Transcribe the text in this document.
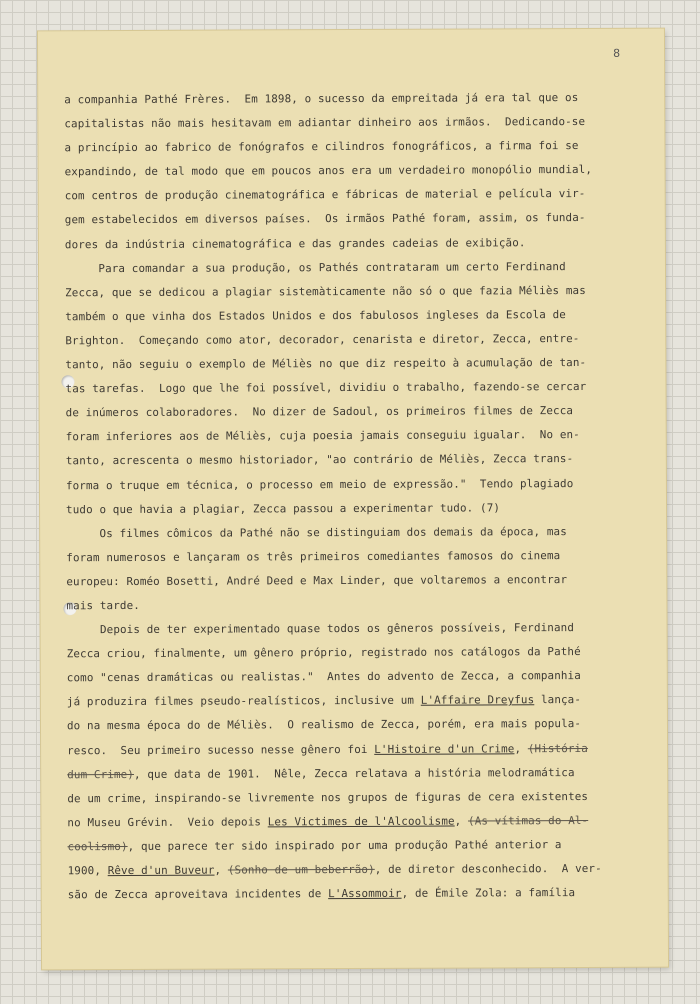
8
a companhia Pathé Frères.  Em 1898, o sucesso da empreitada já era tal que os
capitalistas não mais hesitavam em adiantar dinheiro aos irmãos.  Dedicando-se
a princípio ao fabrico de fonógrafos e cilindros fonográficos, a firma foi se
expandindo, de tal modo que em poucos anos era um verdadeiro monopólio mundial,
com centros de produção cinematográfica e fábricas de material e película vir-
gem estabelecidos em diversos países.  Os irmãos Pathé foram, assim, os funda-
dores da indústria cinematográfica e das grandes cadeias de exibição.
Para comandar a sua produção, os Pathés contrataram um certo Ferdinand
Zecca, que se dedicou a plagiar sistemàticamente não só o que fazia Méliès mas
também o que vinha dos Estados Unidos e dos fabulosos ingleses da Escola de
Brighton.  Começando como ator, decorador, cenarista e diretor, Zecca, entre-
tanto, não seguiu o exemplo de Méliès no que diz respeito à acumulação de tan-
tas tarefas.  Logo que lhe foi possível, dividiu o trabalho, fazendo-se cercar
de inúmeros colaboradores.  No dizer de Sadoul, os primeiros filmes de Zecca
foram inferiores aos de Méliès, cuja poesia jamais conseguiu igualar.  No en-
tanto, acrescenta o mesmo historiador, "ao contrário de Méliès, Zecca trans-
forma o truque em técnica, o processo em meio de expressão."  Tendo plagiado
tudo o que havia a plagiar, Zecca passou a experimentar tudo. (7)
Os filmes cômicos da Pathé não se distinguiam dos demais da época, mas
foram numerosos e lançaram os três primeiros comediantes famosos do cinema
europeu: Roméo Bosetti, André Deed e Max Linder, que voltaremos a encontrar
mais tarde.
Depois de ter experimentado quase todos os gêneros possíveis, Ferdinand
Zecca criou, finalmente, um gênero próprio, registrado nos catálogos da Pathé
como "cenas dramáticas ou realistas."  Antes do advento de Zecca, a companhia
já produzira filmes pseudo-realísticos, inclusive um L'Affaire Dreyfus lança-
do na mesma época do de Méliès.  O realismo de Zecca, porém, era mais popula-
resco.  Seu primeiro sucesso nesse gênero foi L'Histoire d'un Crime, (História
dum Crime), que data de 1901.  Nêle, Zecca relatava a história melodramática
de um crime, inspirando-se livremente nos grupos de figuras de cera existentes
no Museu Grévin.  Veio depois Les Victimes de l'Alcoolisme, (As vítimas do Al-
coolismo), que parece ter sido inspirado por uma produção Pathé anterior a
1900, Rêve d'un Buveur, (Sonho de um beberrão), de diretor desconhecido.  A ver-
são de Zecca aproveitava incidentes de L'Assommoir, de Émile Zola: a família
